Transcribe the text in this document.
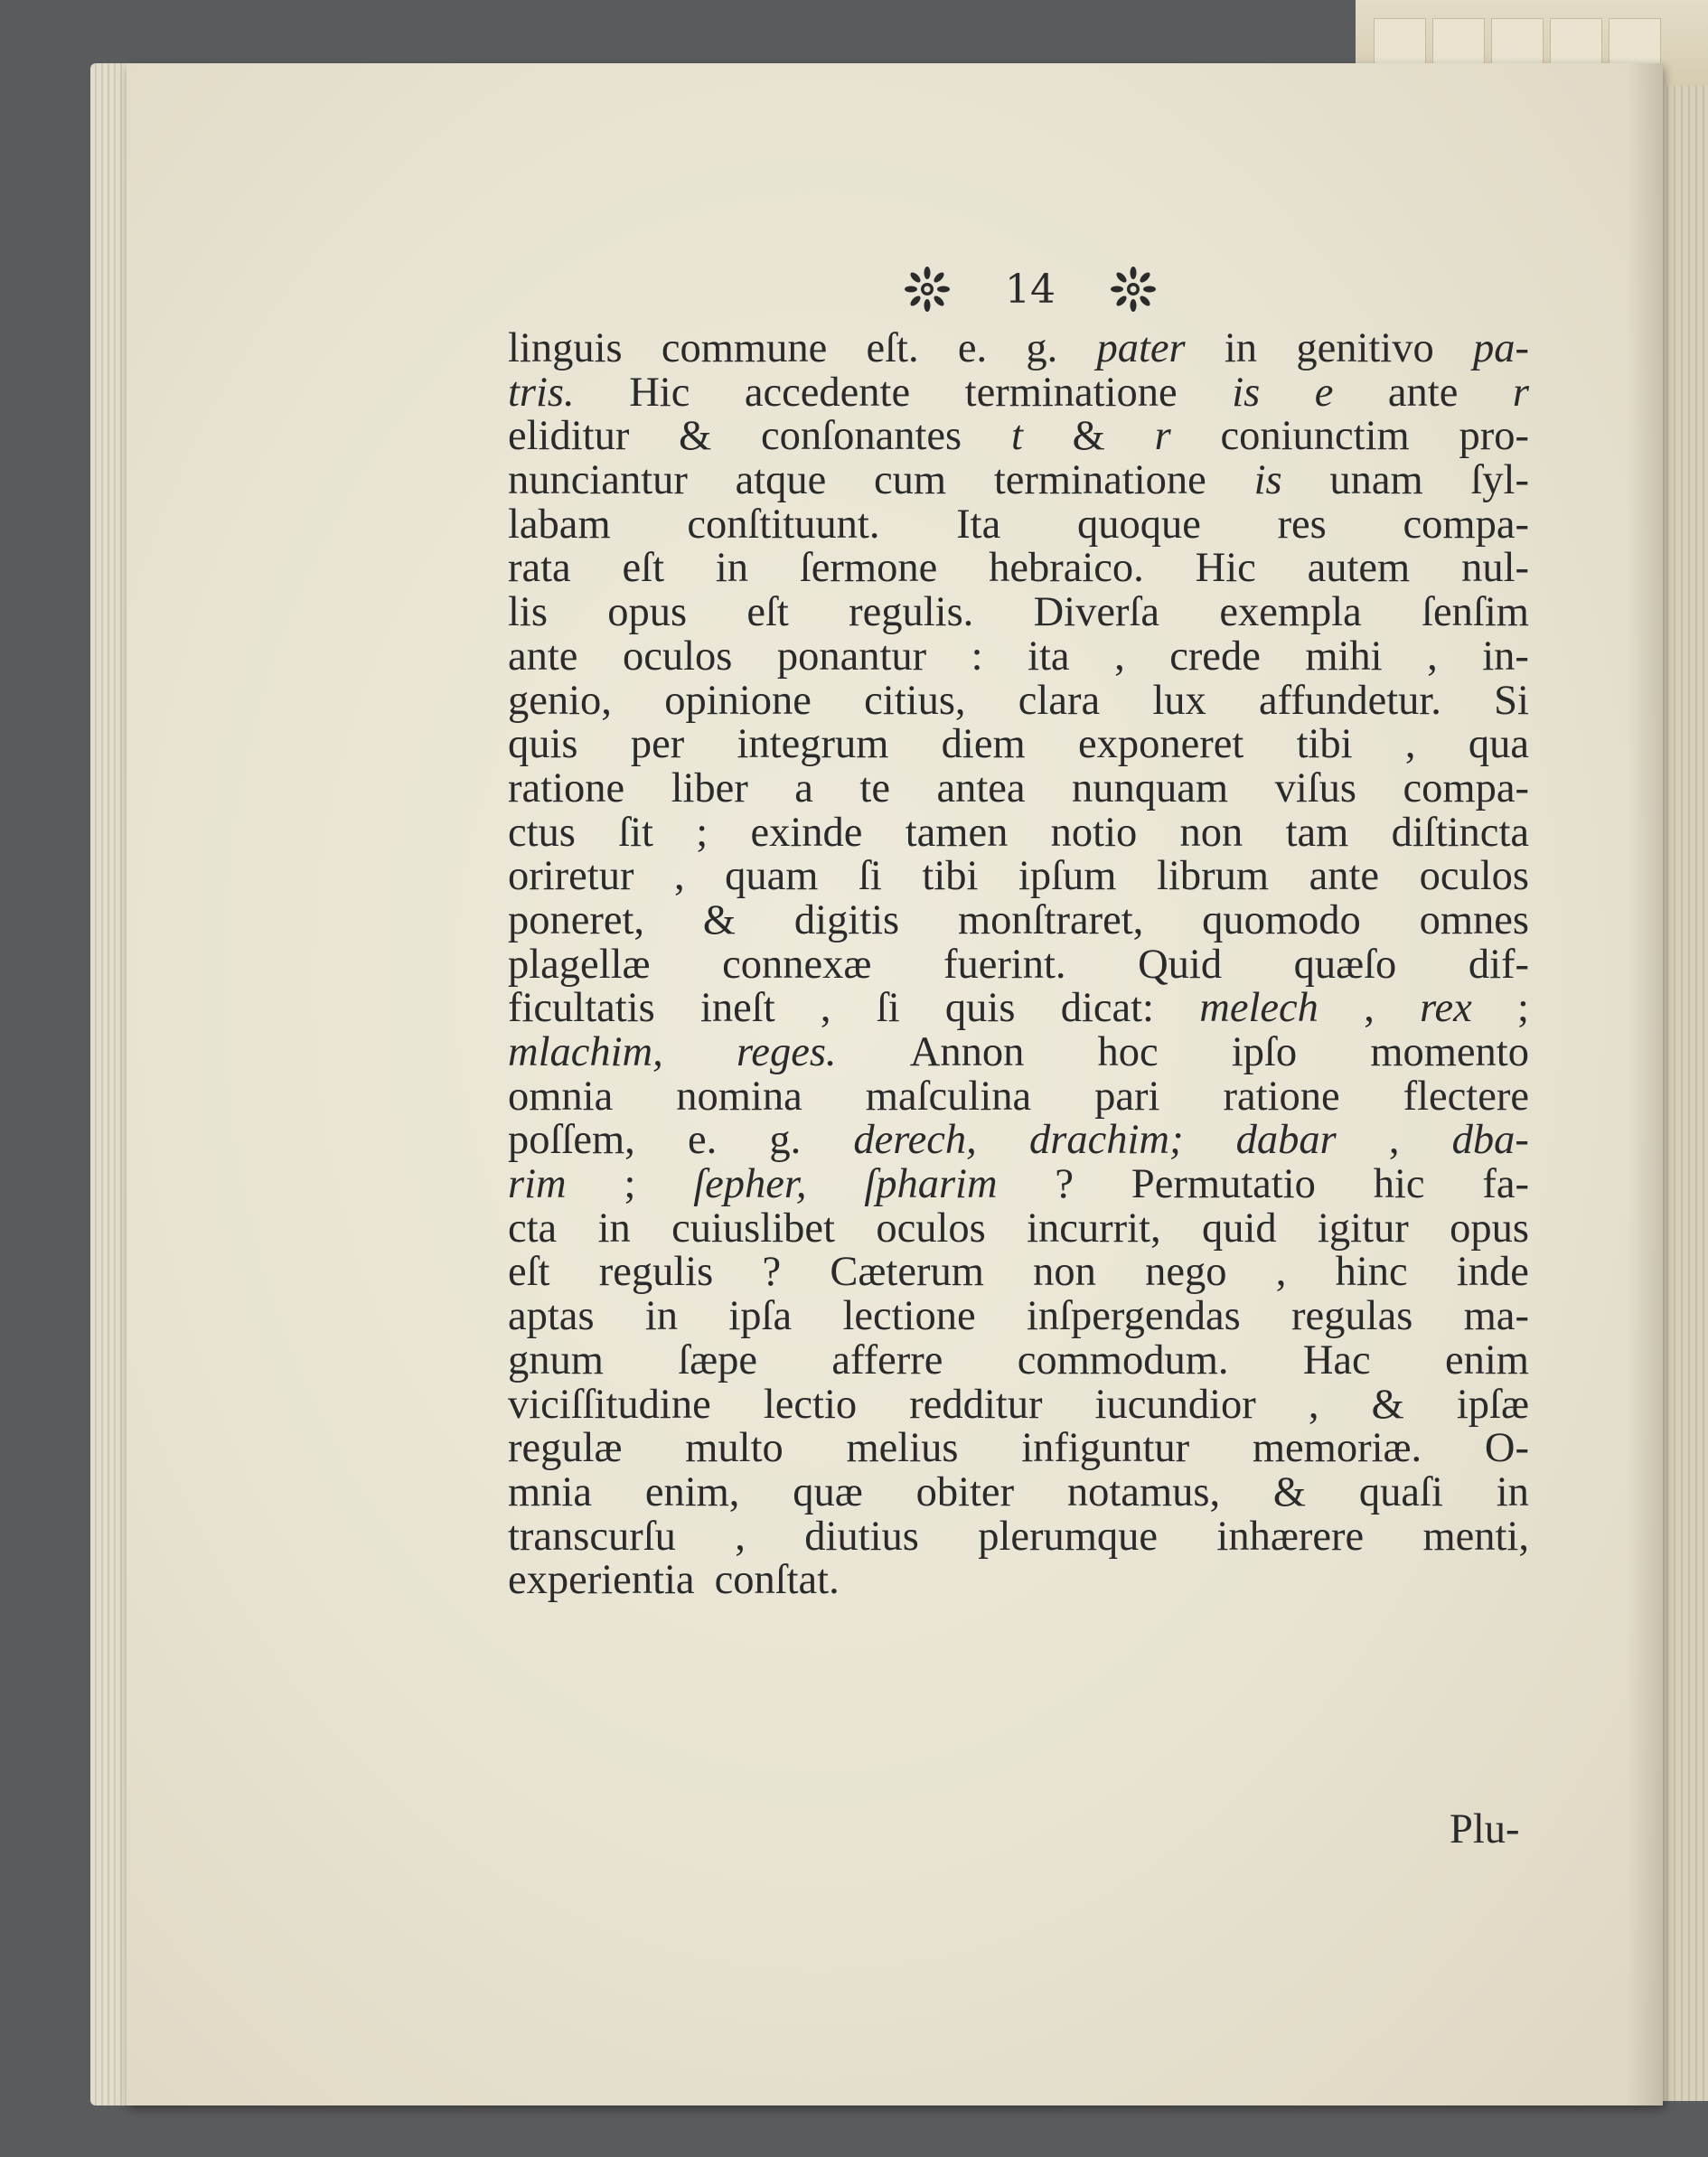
14
linguis commune eſt. e. g. pater in genitivo pa-
tris. Hic accedente terminatione is e ante r
eliditur & conſonantes t & r coniunctim pro-
nunciantur atque cum terminatione is unam ſyl-
labam conſtituunt. Ita quoque res compa-
rata eſt in ſermone hebraico. Hic autem nul-
lis opus eſt regulis. Diverſa exempla ſenſim
ante oculos ponantur : ita , crede mihi , in-
genio, opinione citius, clara lux affundetur. Si
quis per integrum diem exponeret tibi , qua
ratione liber a te antea nunquam viſus compa-
ctus ſit ; exinde tamen notio non tam diſtincta
oriretur , quam ſi tibi ipſum librum ante oculos
poneret, & digitis monſtraret, quomodo omnes
plagellæ connexæ fuerint. Quid quæſo dif-
ficultatis ineſt , ſi quis dicat: melech , rex ;
mlachim, reges. Annon hoc ipſo momento
omnia nomina maſculina pari ratione flectere
poſſem, e. g. derech, drachim; dabar , dba-
rim ; ſepher, ſpharim ? Permutatio hic fa-
cta in cuiuslibet oculos incurrit, quid igitur opus
eſt regulis ? Cæterum non nego , hinc inde
aptas in ipſa lectione inſpergendas regulas ma-
gnum ſæpe afferre commodum. Hac enim
viciſſitudine lectio redditur iucundior , & ipſæ
regulæ multo melius infiguntur memoriæ. O-
mnia enim, quæ obiter notamus, & quaſi in
transcurſu , diutius plerumque inhærere menti,
experientia conſtat.
Plu-
